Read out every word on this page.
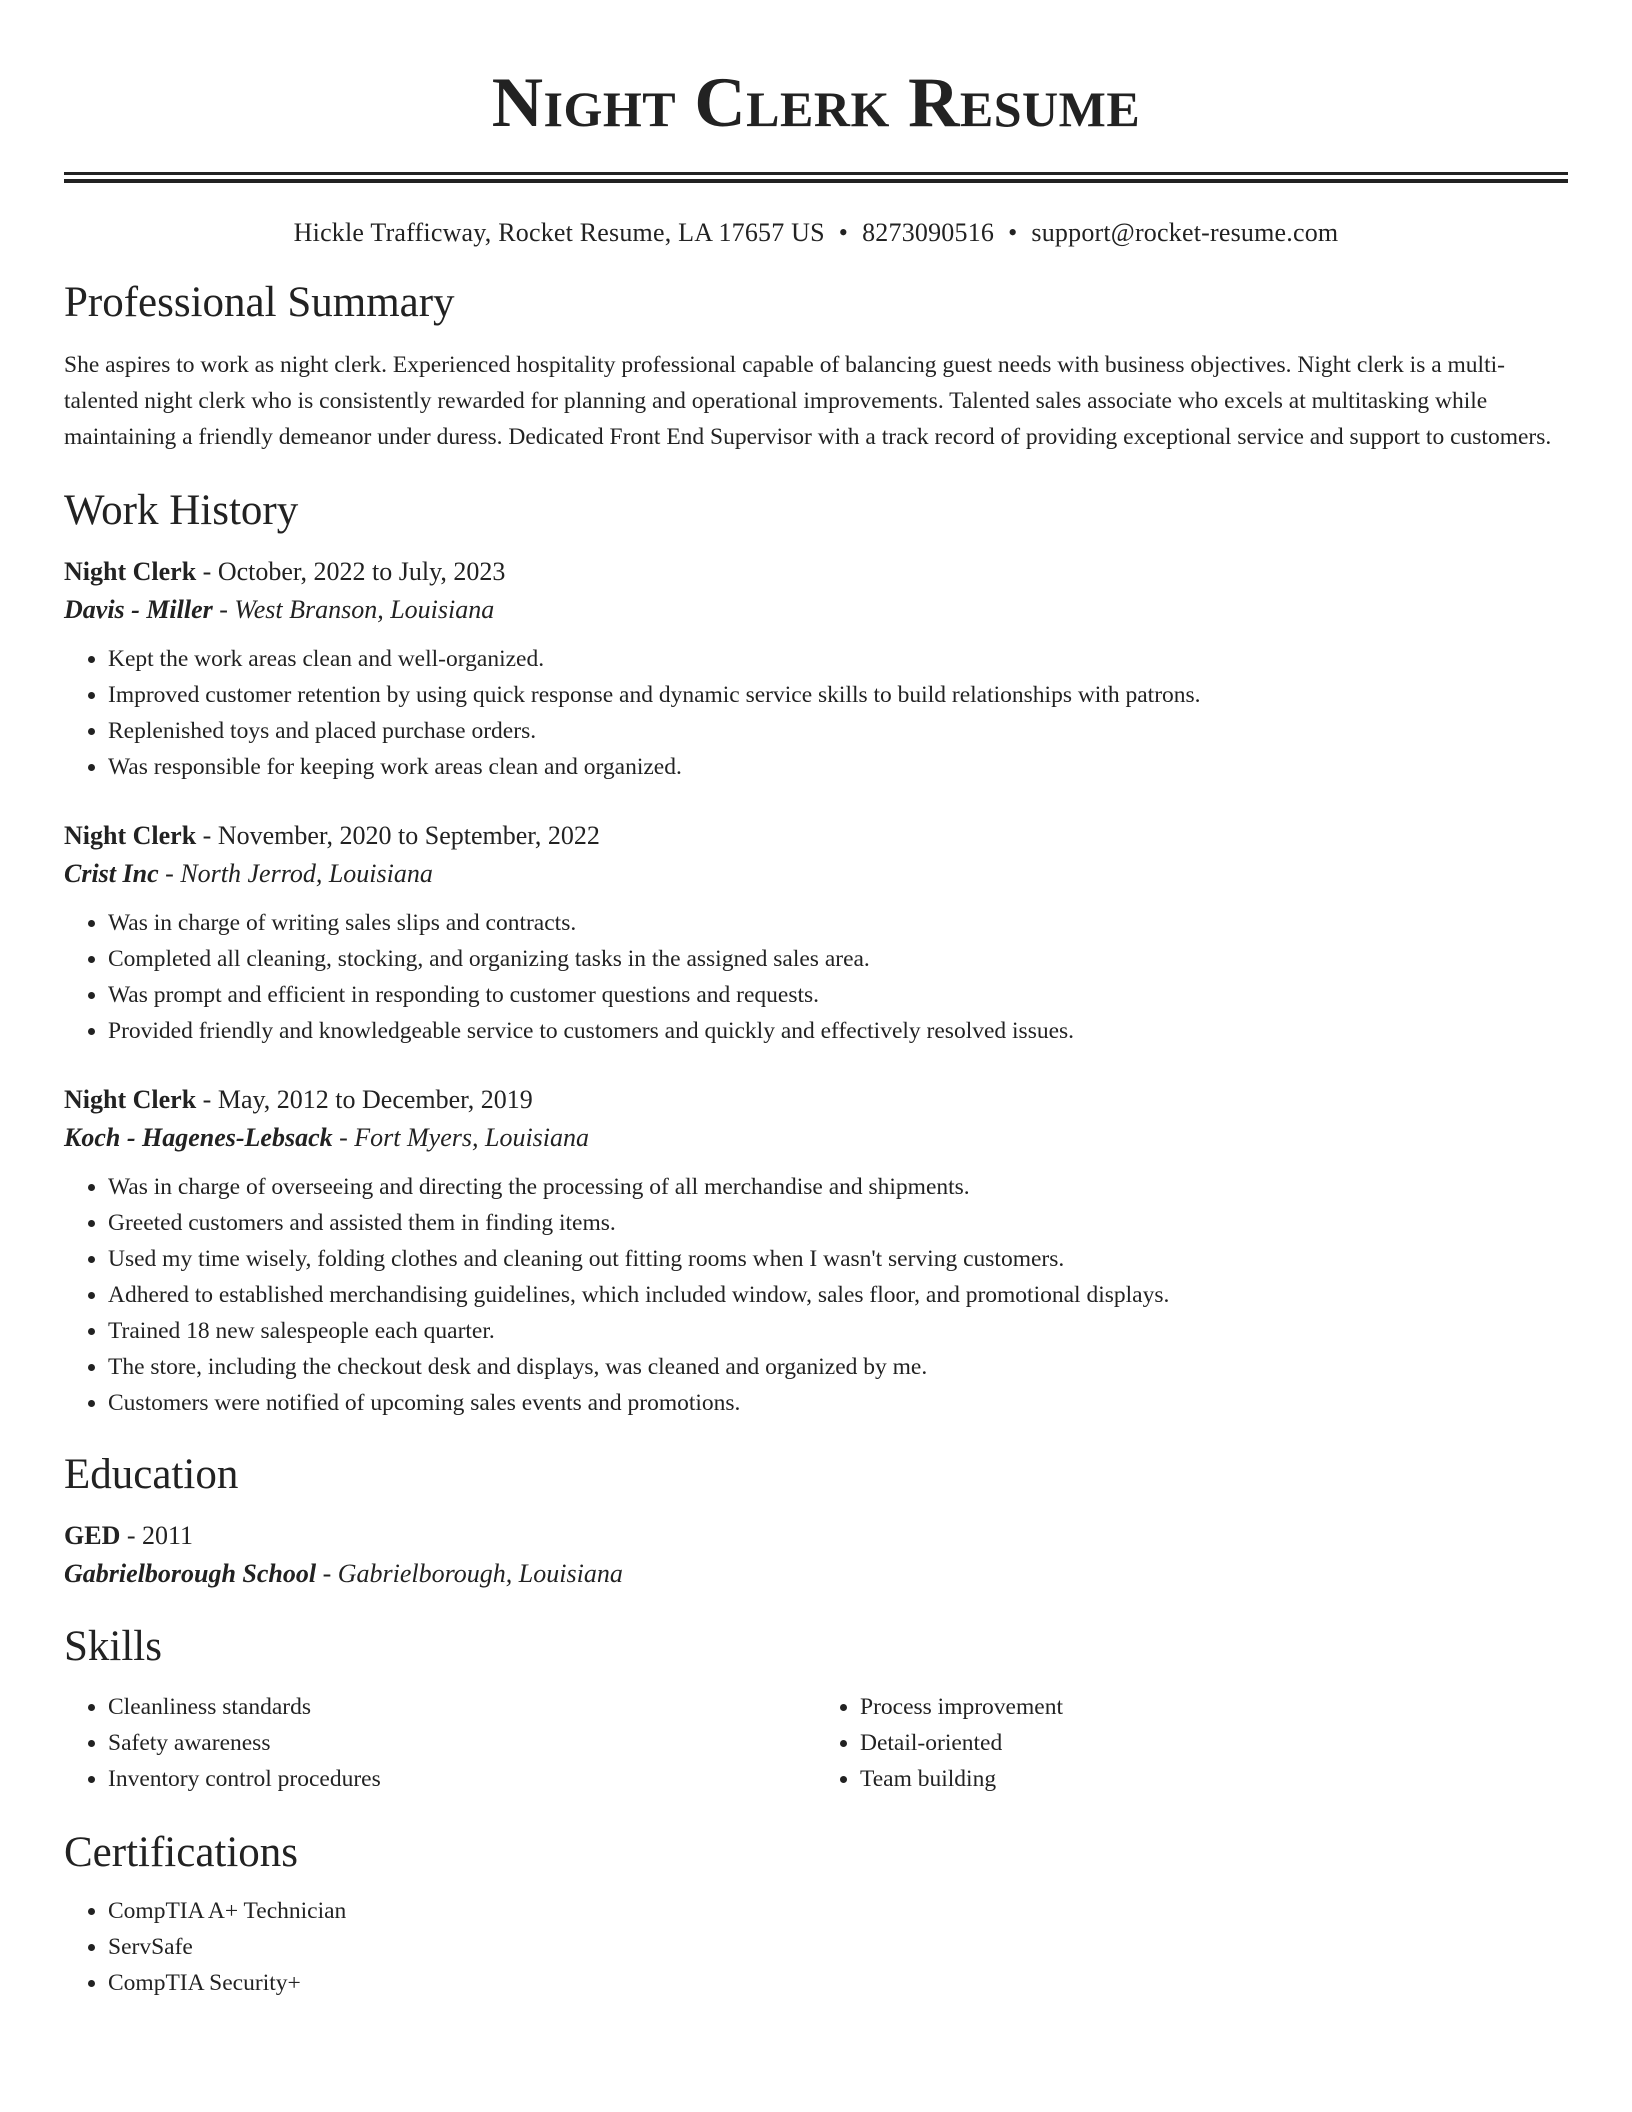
Night Clerk Resume
Hickle Trafficway, Rocket Resume, LA 17657 US • 8273090516 • support@rocket-resume.com
Professional Summary

She aspires to work as night clerk. Experienced hospitality professional capable of balancing guest needs with business objectives. Night clerk is a multi-talented night clerk who is consistently rewarded for planning and operational improvements. Talented sales associate who excels at multitasking while maintaining a friendly demeanor under duress. Dedicated Front End Supervisor with a track record of providing exceptional service and support to customers.

Work History
Night Clerk - October, 2022 to July, 2023
Davis - Miller - West Branson, Louisiana
• Kept the work areas clean and well-organized.
• Improved customer retention by using quick response and dynamic service skills to build relationships with patrons.
• Replenished toys and placed purchase orders.
• Was responsible for keeping work areas clean and organized.
Night Clerk - November, 2020 to September, 2022
Crist Inc - North Jerrod, Louisiana
• Was in charge of writing sales slips and contracts.
• Completed all cleaning, stocking, and organizing tasks in the assigned sales area.
• Was prompt and efficient in responding to customer questions and requests.
• Provided friendly and knowledgeable service to customers and quickly and effectively resolved issues.
Night Clerk - May, 2012 to December, 2019
Koch - Hagenes-Lebsack - Fort Myers, Louisiana
• Was in charge of overseeing and directing the processing of all merchandise and shipments.
• Greeted customers and assisted them in finding items.
• Used my time wisely, folding clothes and cleaning out fitting rooms when I wasn't serving customers.
• Adhered to established merchandising guidelines, which included window, sales floor, and promotional displays.
• Trained 18 new salespeople each quarter.
• The store, including the checkout desk and displays, was cleaned and organized by me.
• Customers were notified of upcoming sales events and promotions.
Education
GED - 2011
Gabrielborough School - Gabrielborough, Louisiana
Skills
• Cleanliness standards
• Safety awareness
• Inventory control procedures
• Process improvement
• Detail-oriented
• Team building
Certifications
• CompTIA A+ Technician
• ServSafe
• CompTIA Security+
